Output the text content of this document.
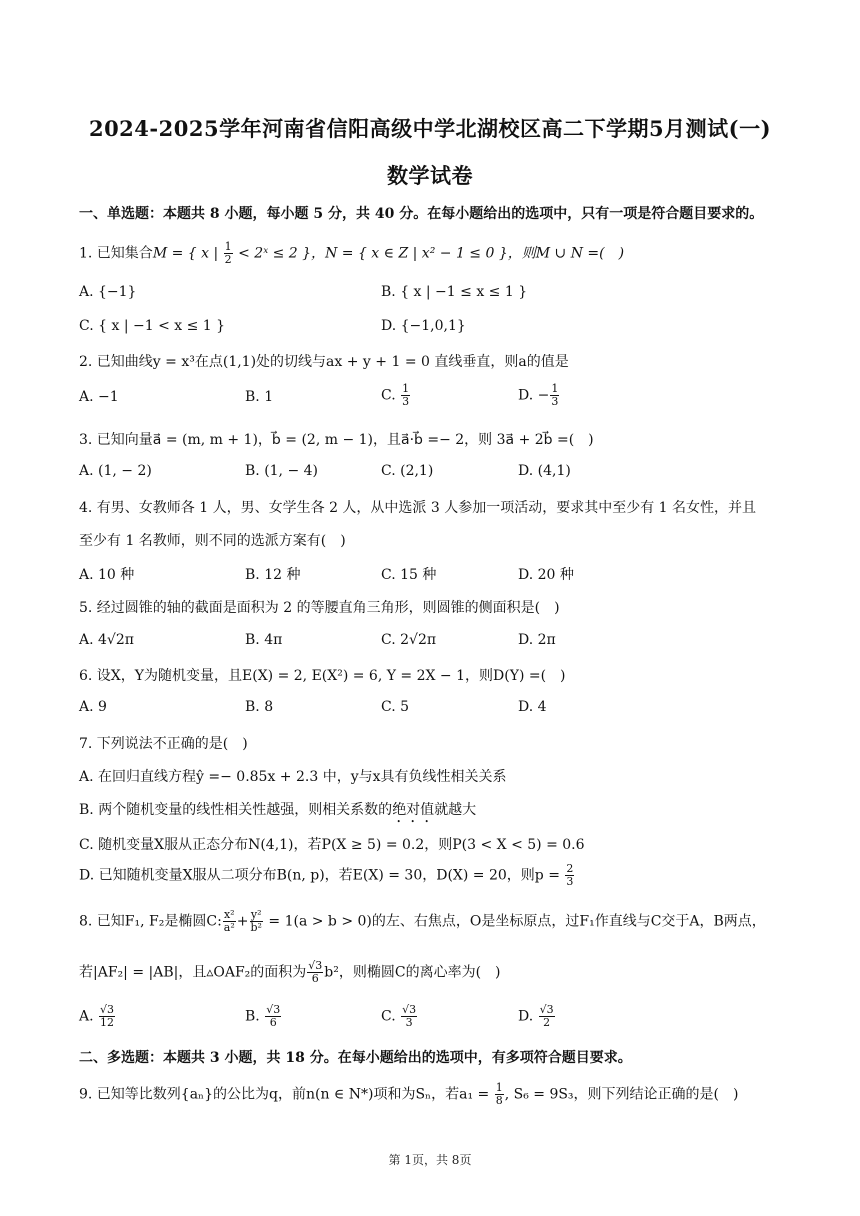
2024-2025学年河南省信阳高级中学北湖校区高二下学期5月测试(一)
数学试卷
一、单选题：本题共 8 小题，每小题 5 分，共 40 分。在每小题给出的选项中，只有一项是符合题目要求的。
1. 已知集合M = { x | $\frac{1}{2}$ < 2ˣ ≤ 2 }，N = { x ∈ Z | x² − 1 ≤ 0 }，则M ∪ N =(　)
A. {−1}	B. { x | −1 ≤ x ≤ 1 }
C. { x | −1 < x ≤ 1 }	D. {−1,0,1}
2. 已知曲线y = x³在点(1,1)处的切线与ax + y + 1 = 0 直线垂直，则a的值是
A. −1	B. 1	C. $\frac{1}{3}$	D. − $\frac{1}{3}$
3. 已知向量a⃗ = (m, m + 1)，b⃗ = (2, m − 1)，且a⃗·b⃗ =− 2，则 3a⃗ + 2b⃗ =(　)
A. (1, − 2)	B. (1, − 4)	C. (2,1)	D. (4,1)
4. 有男、女教师各 1 人，男、女学生各 2 人，从中选派 3 人参加一项活动，要求其中至少有 1 名女性，并且
至少有 1 名教师，则不同的选派方案有(　)
A. 10 种	B. 12 种	C. 15 种	D. 20 种
5. 经过圆锥的轴的截面是面积为 2 的等腰直角三角形，则圆锥的侧面积是(　)
A. 4√2π	B. 4π	C. 2√2π	D. 2π
6. 设X，Y为随机变量，且E(X) = 2, E(X²) = 6, Y = 2X − 1，则D(Y) =(　)
A. 9	B. 8	C. 5	D. 4
7. 下列说法不正确的是(　)
A. 在回归直线方程ŷ =− 0.85x + 2.3 中，y与x具有负线性相关关系
B. 两个随机变量的线性相关性越强，则相关系数的绝对值就越大
C. 随机变量X服从正态分布N(4,1)，若P(X ≥ 5) = 0.2，则P(3 < X < 5) = 0.6
D. 已知随机变量X服从二项分布B(n, p)，若E(X) = 30，D(X) = 20，则$p = \frac{2}{3}$
8. 已知F₁, F₂是椭圆C: $\frac{\text{x²}}{\text{a²}} + \frac{\text{y²}}{\text{b²}} = 1(a > b > 0)$的左、右焦点，O是坐标原点，过F₁作直线与C交于A，B两点，
若|AF₂| = |AB|，且▵OAF₂的面积为 $\frac{√3}{6} b^2$，则椭圆C的离心率为(　)
A. $\frac{√3}{12}$	B. $\frac{√3}{6}$	C. $\frac{√3}{3}$	D. $\frac{√3}{2}$
二、多选题：本题共 3 小题，共 18 分。在每小题给出的选项中，有多项符合题目要求。
9. 已知等比数列{aₙ}的公比为q，前n(n ∈ N*)项和为Sₙ，若$a_1 = \frac{1}{8}$ , S₆ = 9S₃，则下列结论正确的是(　)
第 1页，共 8页
